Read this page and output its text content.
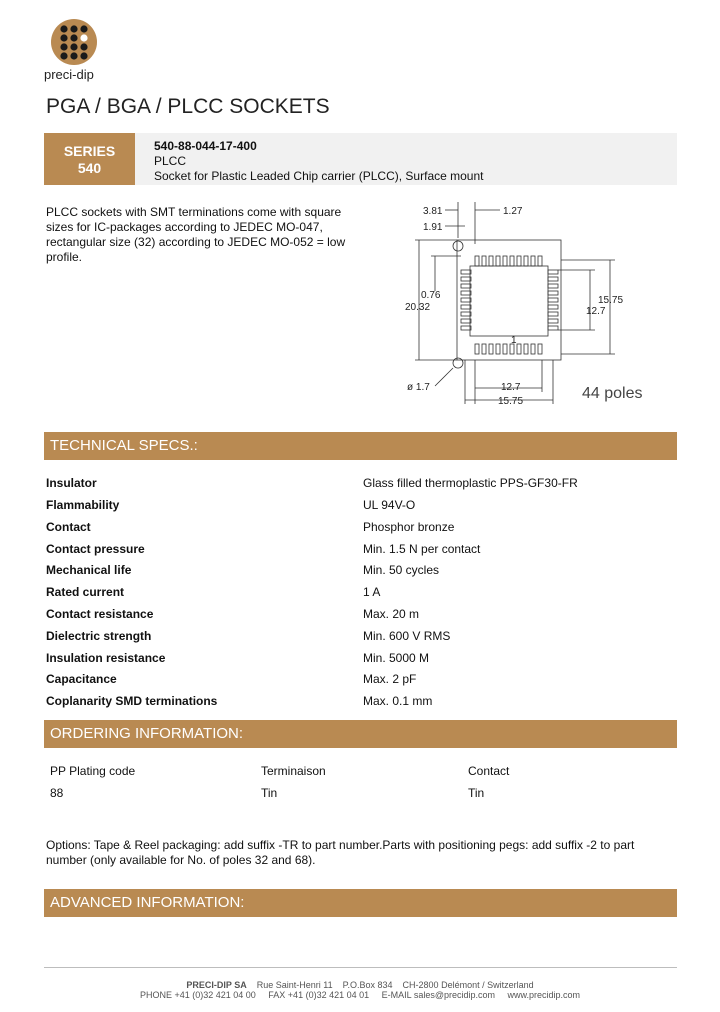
preci-dip
PGA / BGA / PLCC SOCKETS
SERIES
540
540-88-044-17-400
PLCC
Socket for Plastic Leaded Chip carrier (PLCC), Surface mount
PLCC sockets with SMT terminations come with square sizes for IC-packages according to JEDEC MO-047, rectangular size (32) according to JEDEC MO-052 = low profile.
3.81	1.27
1.91
0.76
20.32
15.75
12.7
1
ø 1.7	12.7
15.75	44 poles
TECHNICAL SPECS.:
Insulator	Glass filled thermoplastic PPS-GF30-FR
Flammability	UL 94V-O
Contact	Phosphor bronze
Contact pressure	Min. 1.5 N per contact
Mechanical life	Min. 50 cycles
Rated current	1 A
Contact resistance	Max. 20 m
Dielectric strength	Min. 600 V RMS
Insulation resistance	Min. 5000 M
Capacitance	Max. 2 pF
Coplanarity SMD terminations	Max. 0.1 mm
ORDERING INFORMATION:
PP Plating code	Terminaison	Contact
88	Tin	Tin
Options: Tape & Reel packaging: add suffix -TR to part number.Parts with positioning pegs: add suffix -2 to part number (only available for No. of poles 32 and 68).
ADVANCED INFORMATION:
PRECI-DIP SA Rue Saint-Henri 11 P.O.Box 834 CH-2800 Delémont / Switzerland
PHONE +41 (0)32 421 04 00 FAX +41 (0)32 421 04 01 E-MAIL sales@precidip.com www.precidip.com
